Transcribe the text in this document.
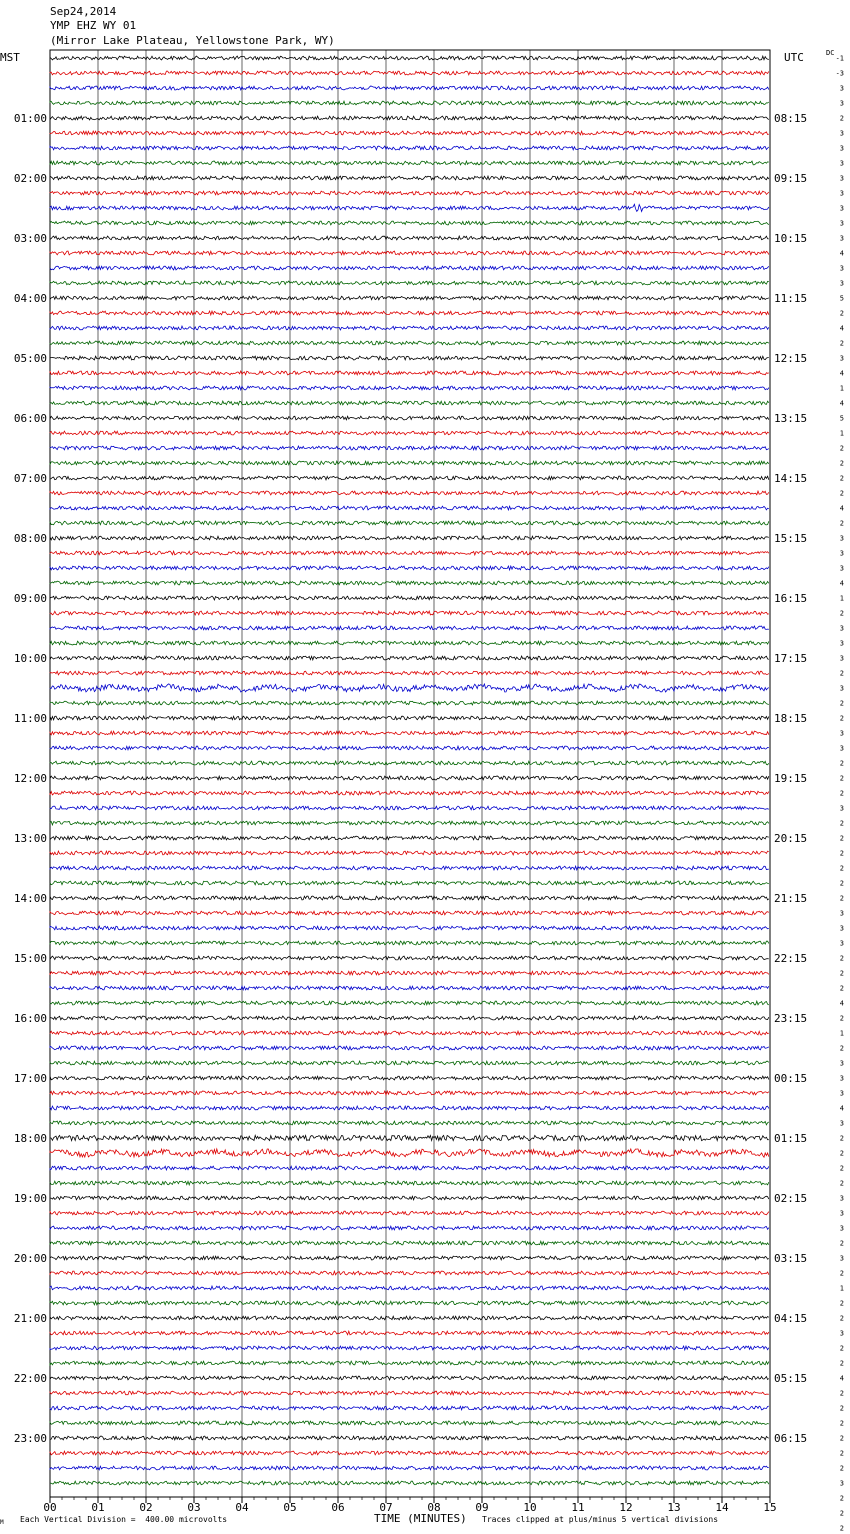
Sep24,2014
YMP EHZ WY 01
(Mirror Lake Plateau, Yellowstone Park, WY)
MST	UTC	DC
01:00	08:15
02:00	09:15
03:00	10:15
04:00	11:15
05:00	12:15
06:00	13:15
07:00	14:15
08:00	15:15
09:00	16:15
10:00	17:15
11:00	18:15
12:00	19:15
13:00	20:15
14:00	21:15
15:00	22:15
16:00	23:15
17:00	00:15
18:00	01:15
19:00	02:15
20:00	03:15
21:00	04:15
22:00	05:15
23:00	06:15
-1
-3
3
3
2
3
3
3
3
3
3
3
3
4
3
3
5
2
4
2
3
4
1
4
5
1
2
2
2
2
4
2
3
3
3
4
1
2
3
3
3
2
3
2
2
3
3
2
2
2
3
2
2
2
2
2
2
3
3
3
2
2
2
4
2
1
2
3
3
3
4
3
2
2
2
2
3
3
3
2
3
2
1
2
2
3
2
2
4
2
2
2
2
2
2
3
2
2
2
00	01	02	03	04	05	06	07	08	09	10	11	12	13	14	15
M Each Vertical Division =  400.00 microvolts	TIME (MINUTES) Traces clipped at plus/minus 5 vertical divisions
